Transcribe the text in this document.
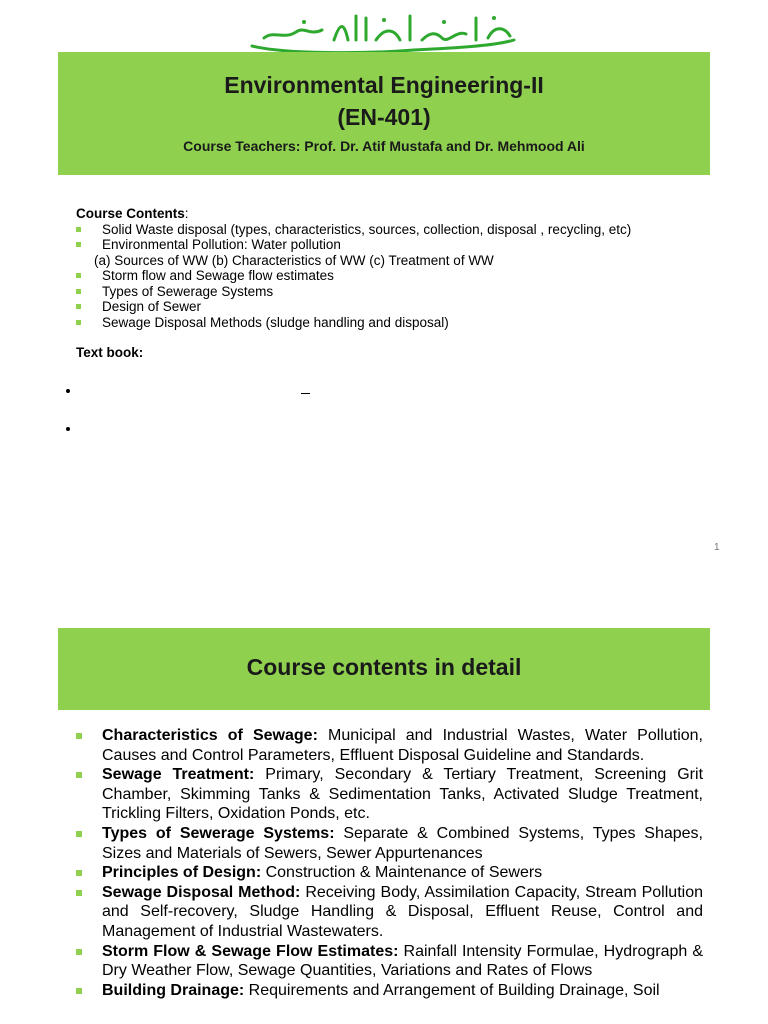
Environmental Engineering-II
(EN-401)
Course Teachers: Prof. Dr. Atif Mustafa and Dr. Mehmood Ali
Course Contents:
Solid Waste disposal (types, characteristics, sources, collection, disposal , recycling, etc)
Environmental Pollution: Water pollution
(a) Sources of WW (b) Characteristics of WW (c) Treatment of WW
Storm flow and Sewage flow estimates
Types of Sewerage Systems
Design of Sewer
Sewage Disposal Methods (sludge handling and disposal)
Text book:
1
Course contents in detail
Characteristics of Sewage: Municipal and Industrial Wastes, Water Pollution, Causes and Control Parameters, Effluent Disposal Guideline and Standards.
Sewage Treatment: Primary, Secondary & Tertiary Treatment, Screening Grit Chamber, Skimming Tanks & Sedimentation Tanks, Activated Sludge Treatment, Trickling Filters, Oxidation Ponds, etc.
Types of Sewerage Systems: Separate & Combined Systems, Types Shapes, Sizes and Materials of Sewers, Sewer Appurtenances
Principles of Design: Construction & Maintenance of Sewers
Sewage Disposal Method: Receiving Body, Assimilation Capacity, Stream Pollution and Self-recovery, Sludge Handling & Disposal, Effluent Reuse, Control and Management of Industrial Wastewaters.
Storm Flow & Sewage Flow Estimates: Rainfall Intensity Formulae, Hydrograph & Dry Weather Flow, Sewage Quantities, Variations and Rates of Flows
Building Drainage: Requirements and Arrangement of Building Drainage, Soil
